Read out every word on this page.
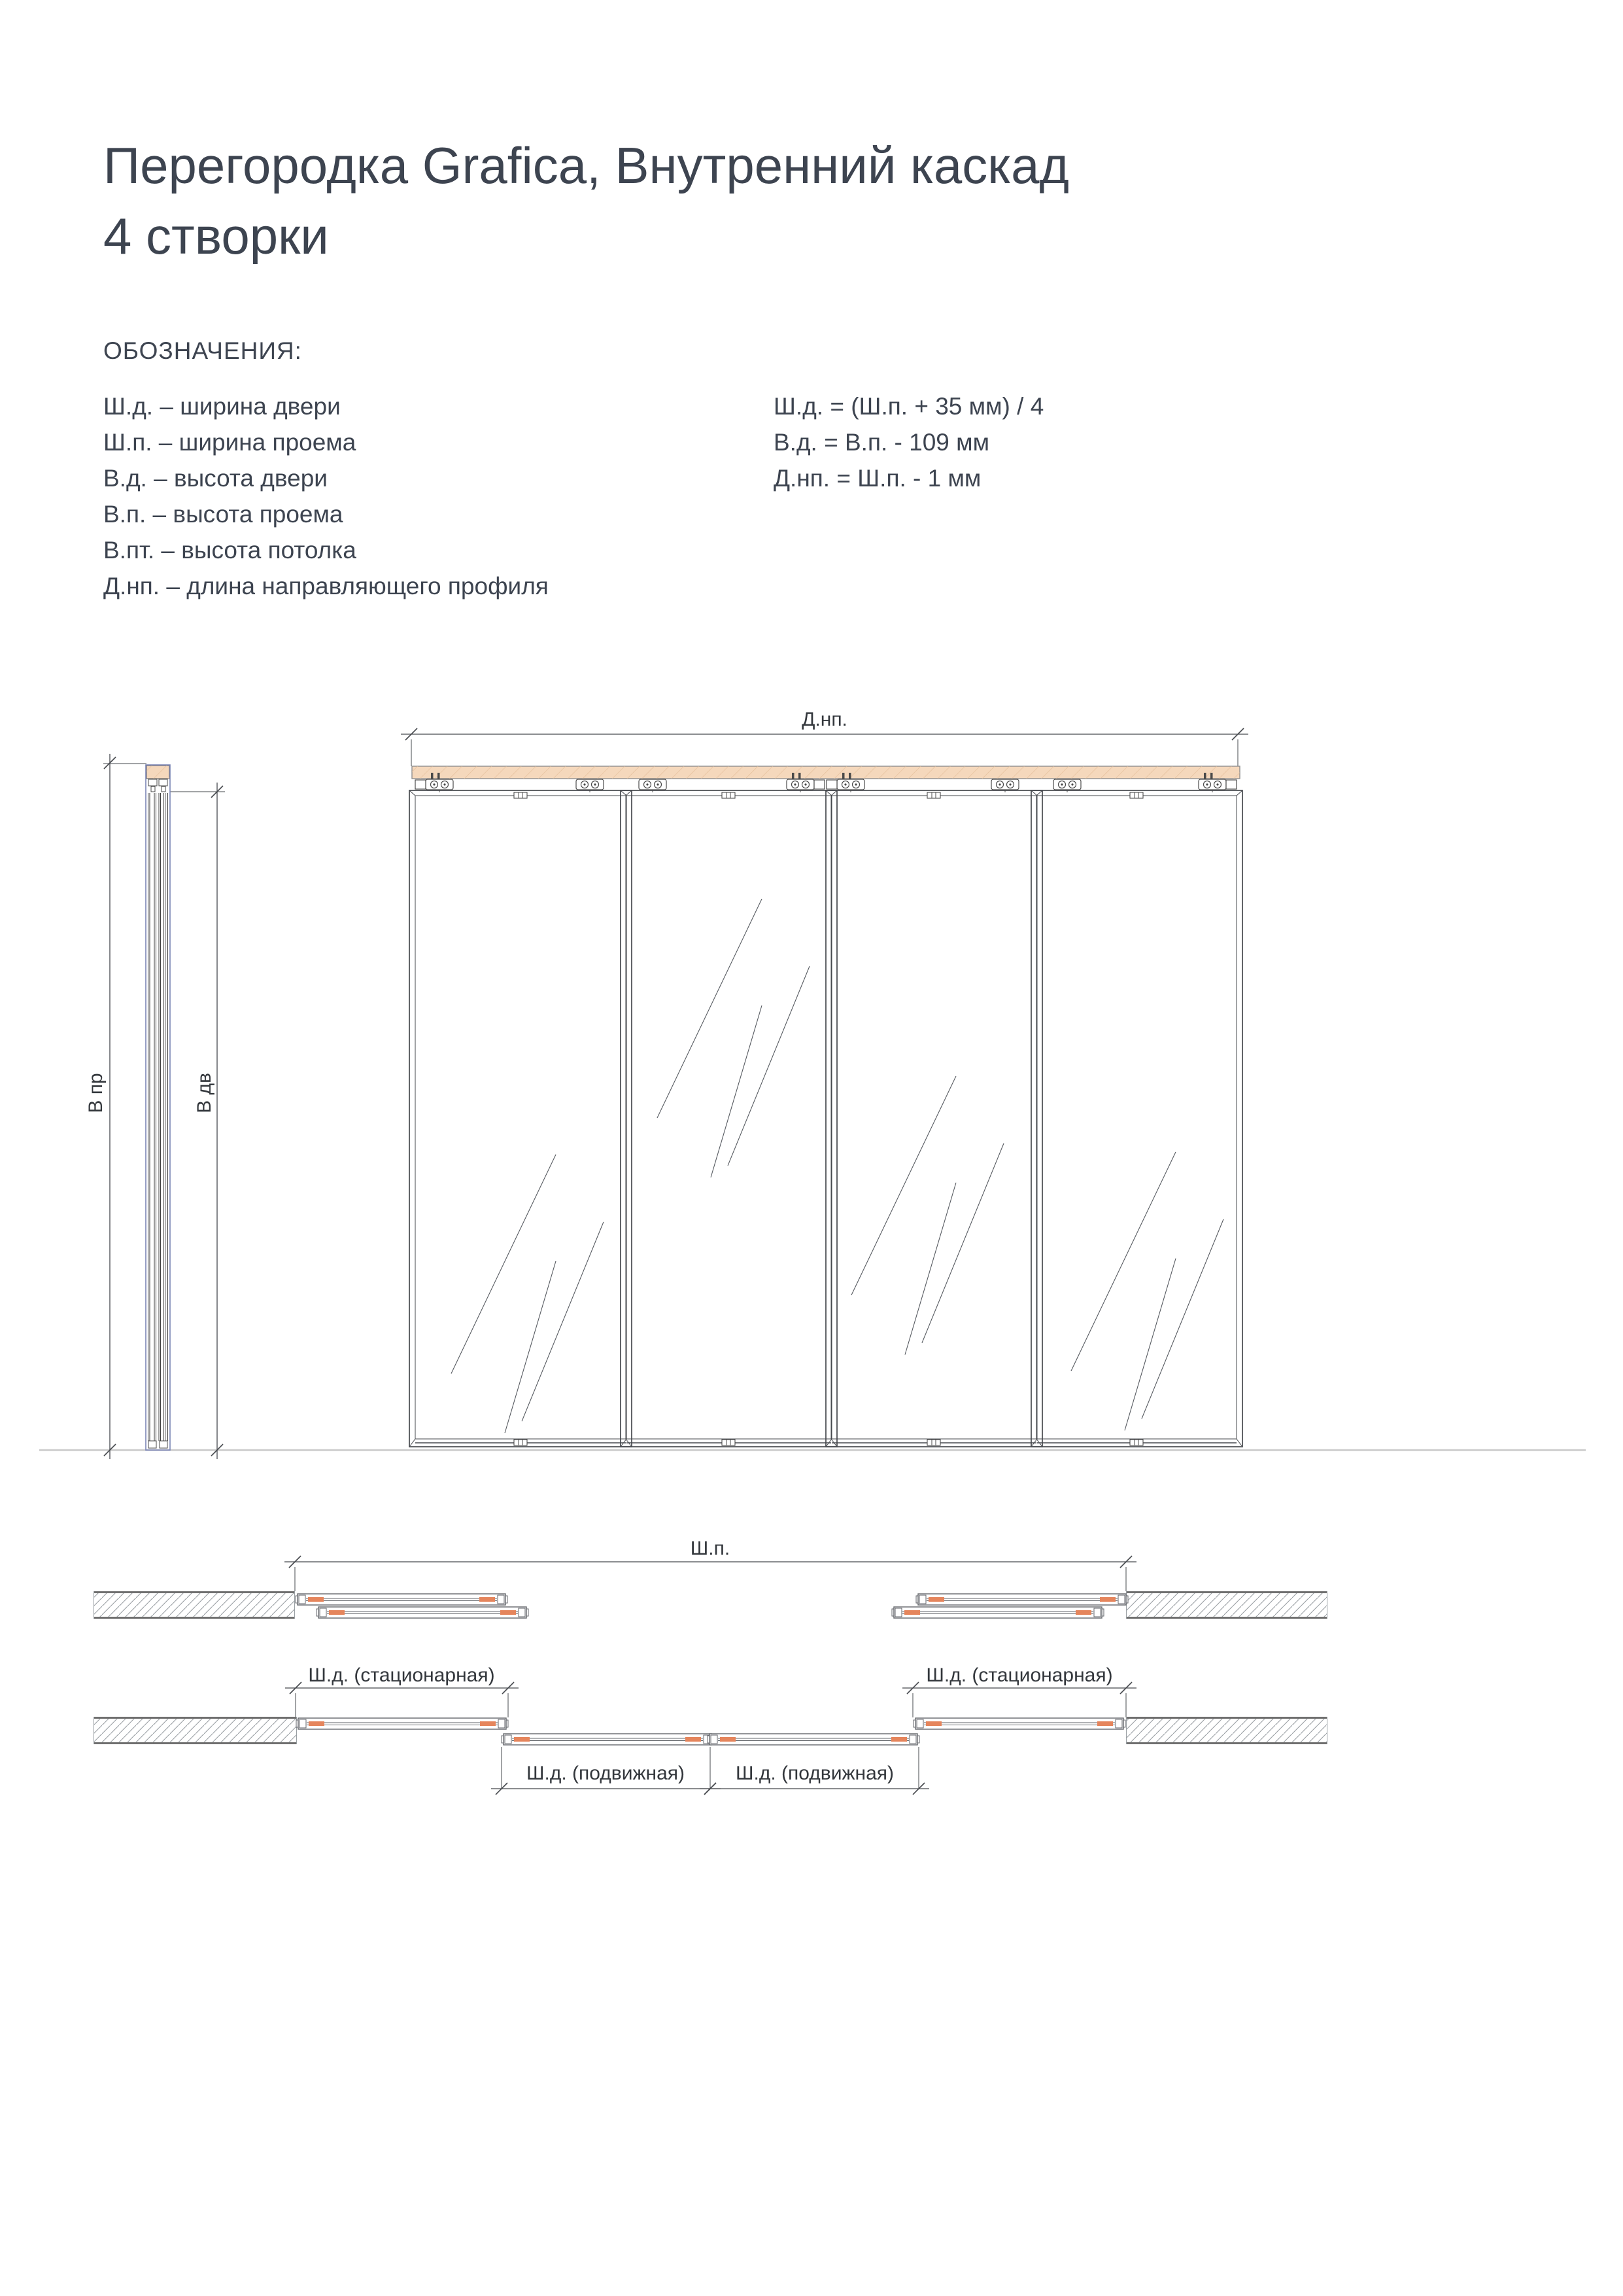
Перегородка Grafica, Внутренний каскад
4 створки
ОБОЗНАЧЕНИЯ:
Ш.д. – ширина двери
Ш.п. – ширина проема
В.д. – высота двери
В.п. – высота проема
В.пт. – высота потолка
Д.нп. – длина направляющего профиля
Ш.д. = (Ш.п. + 35 мм) / 4
В.д. = В.п. - 109 мм
Д.нп. = Ш.п. - 1 мм
В пр	В дв
Д.нп.
Ш.п.
Ш.д. (стационарная)	Ш.д. (стационарная)
Ш.д. (подвижная)	Ш.д. (подвижная)
